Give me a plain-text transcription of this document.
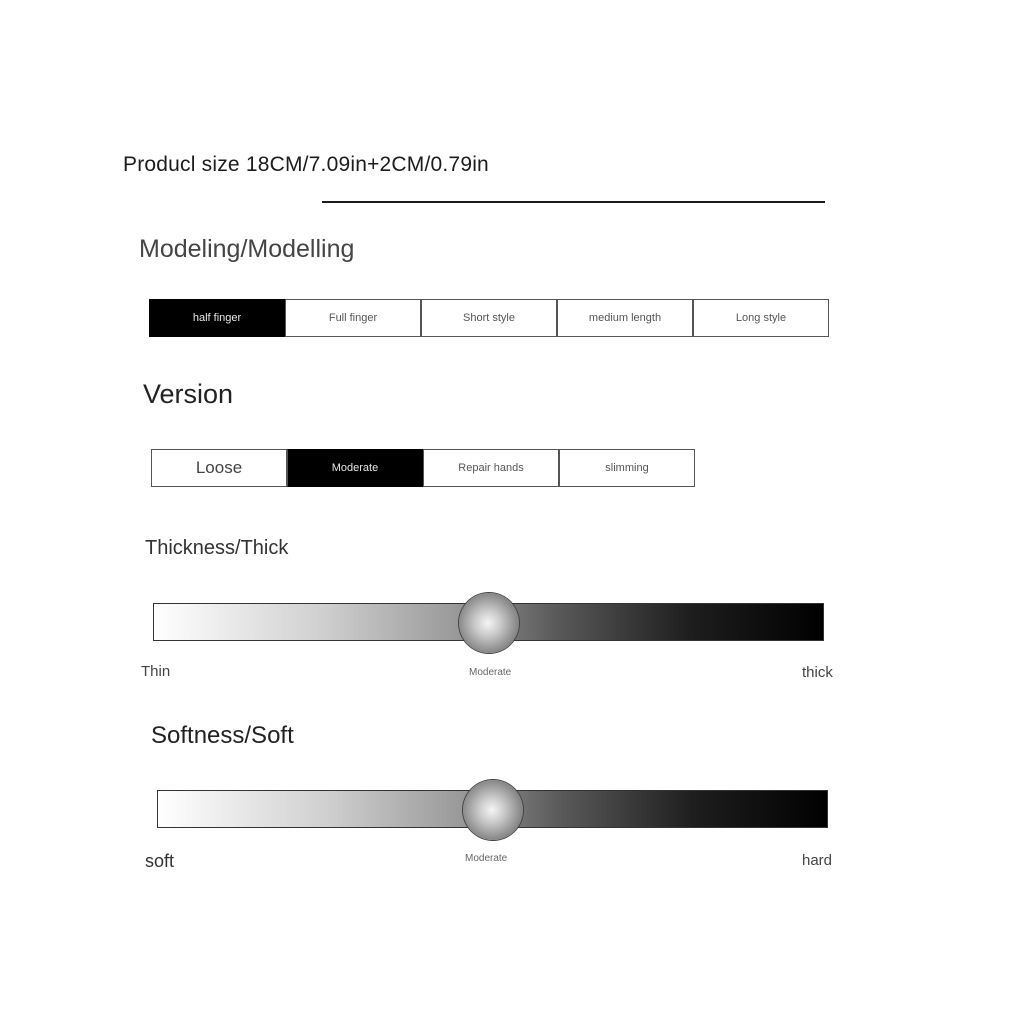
Producl size 18CM/7.09in+2CM/0.79in
Modeling/Modelling
half finger	Full finger	Short style	medium length	Long style
Version
Loose	Moderate	Repair hands	slimming
Thickness/Thick
Thin	Moderate	thick
Softness/Soft
soft	Moderate	hard
